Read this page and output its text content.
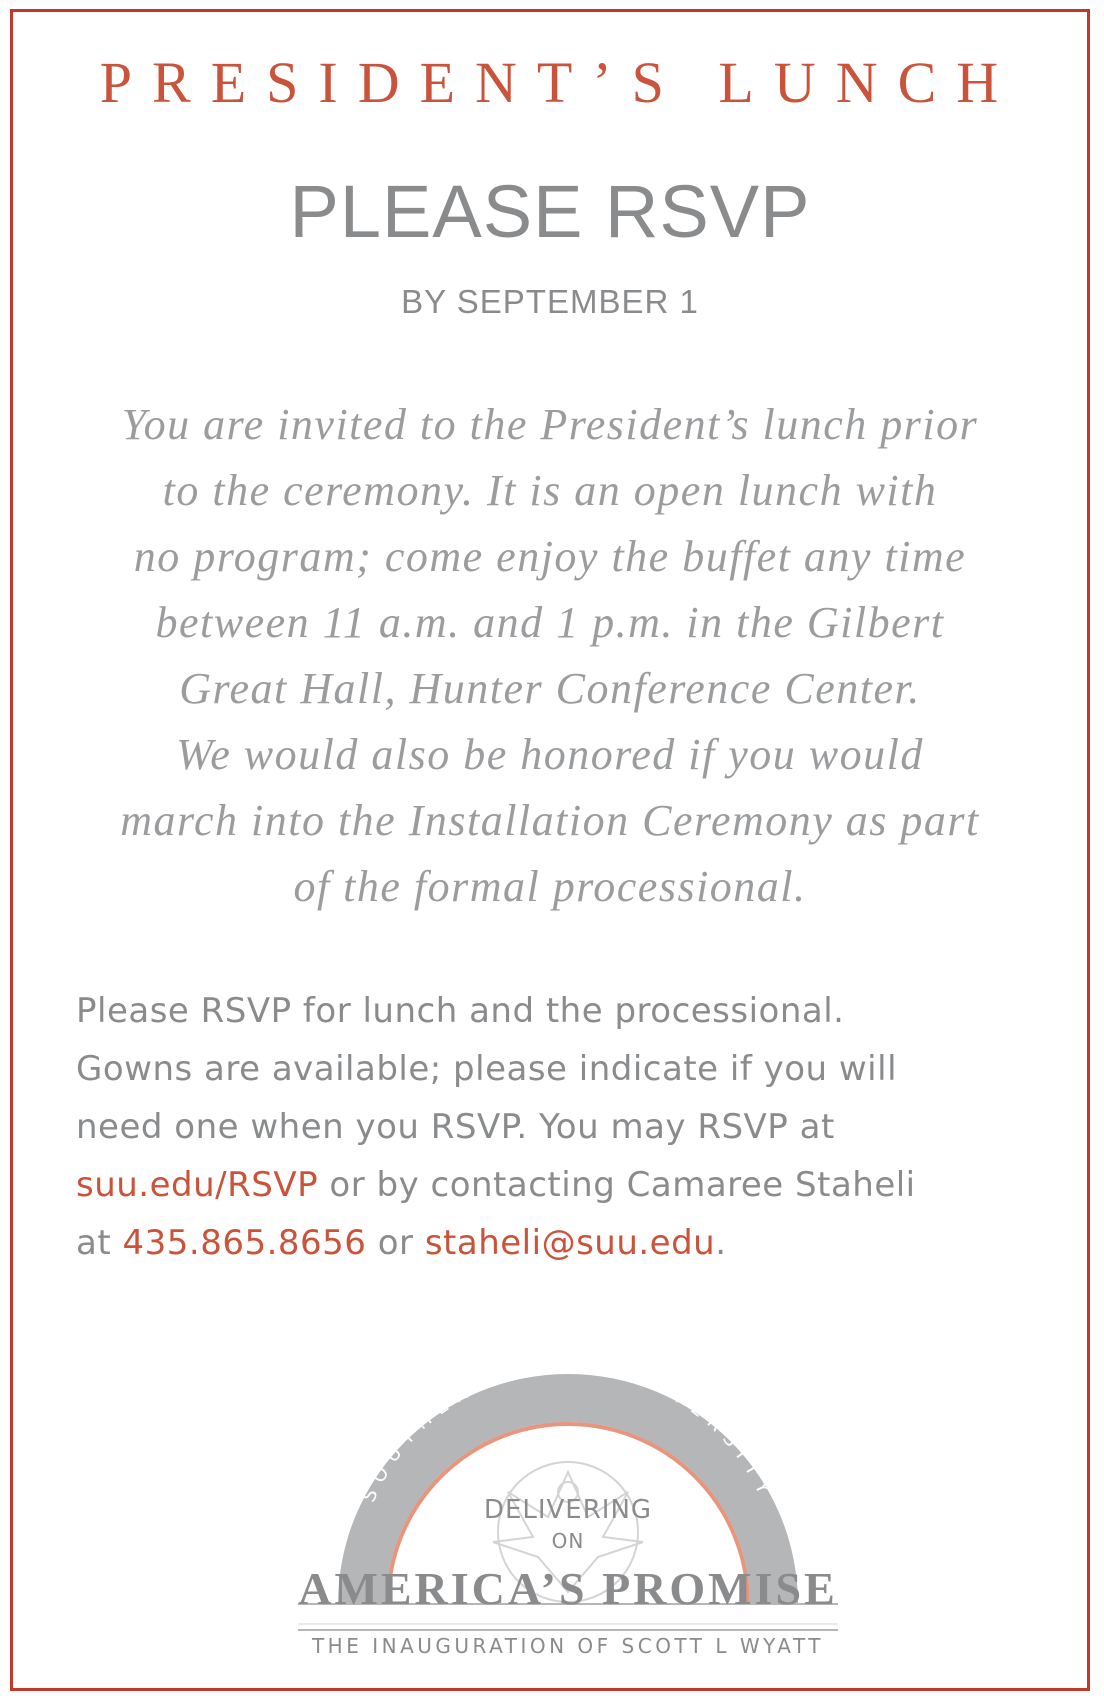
PRESIDENT’S LUNCH
PLEASE RSVP
BY SEPTEMBER 1
You are invited to the President’s lunch prior
to the ceremony. It is an open lunch with
no program; come enjoy the buffet any time
between 11 a.m. and 1 p.m. in the Gilbert
Great Hall, Hunter Conference Center.
We would also be honored if you would
march into the Installation Ceremony as part
of the formal processional.
Please RSVP for lunch and the processional.
Gowns are available; please indicate if you will
need one when you RSVP. You may RSVP at
suu.edu/RSVP or by contacting Camaree Staheli
at 435.865.8656 or staheli@suu.edu.
SOUTHERN UTAH UNIVERSITY
DELIVERING
ON
AMERICA’S PROMISE
THE INAUGURATION OF SCOTT L WYATT
